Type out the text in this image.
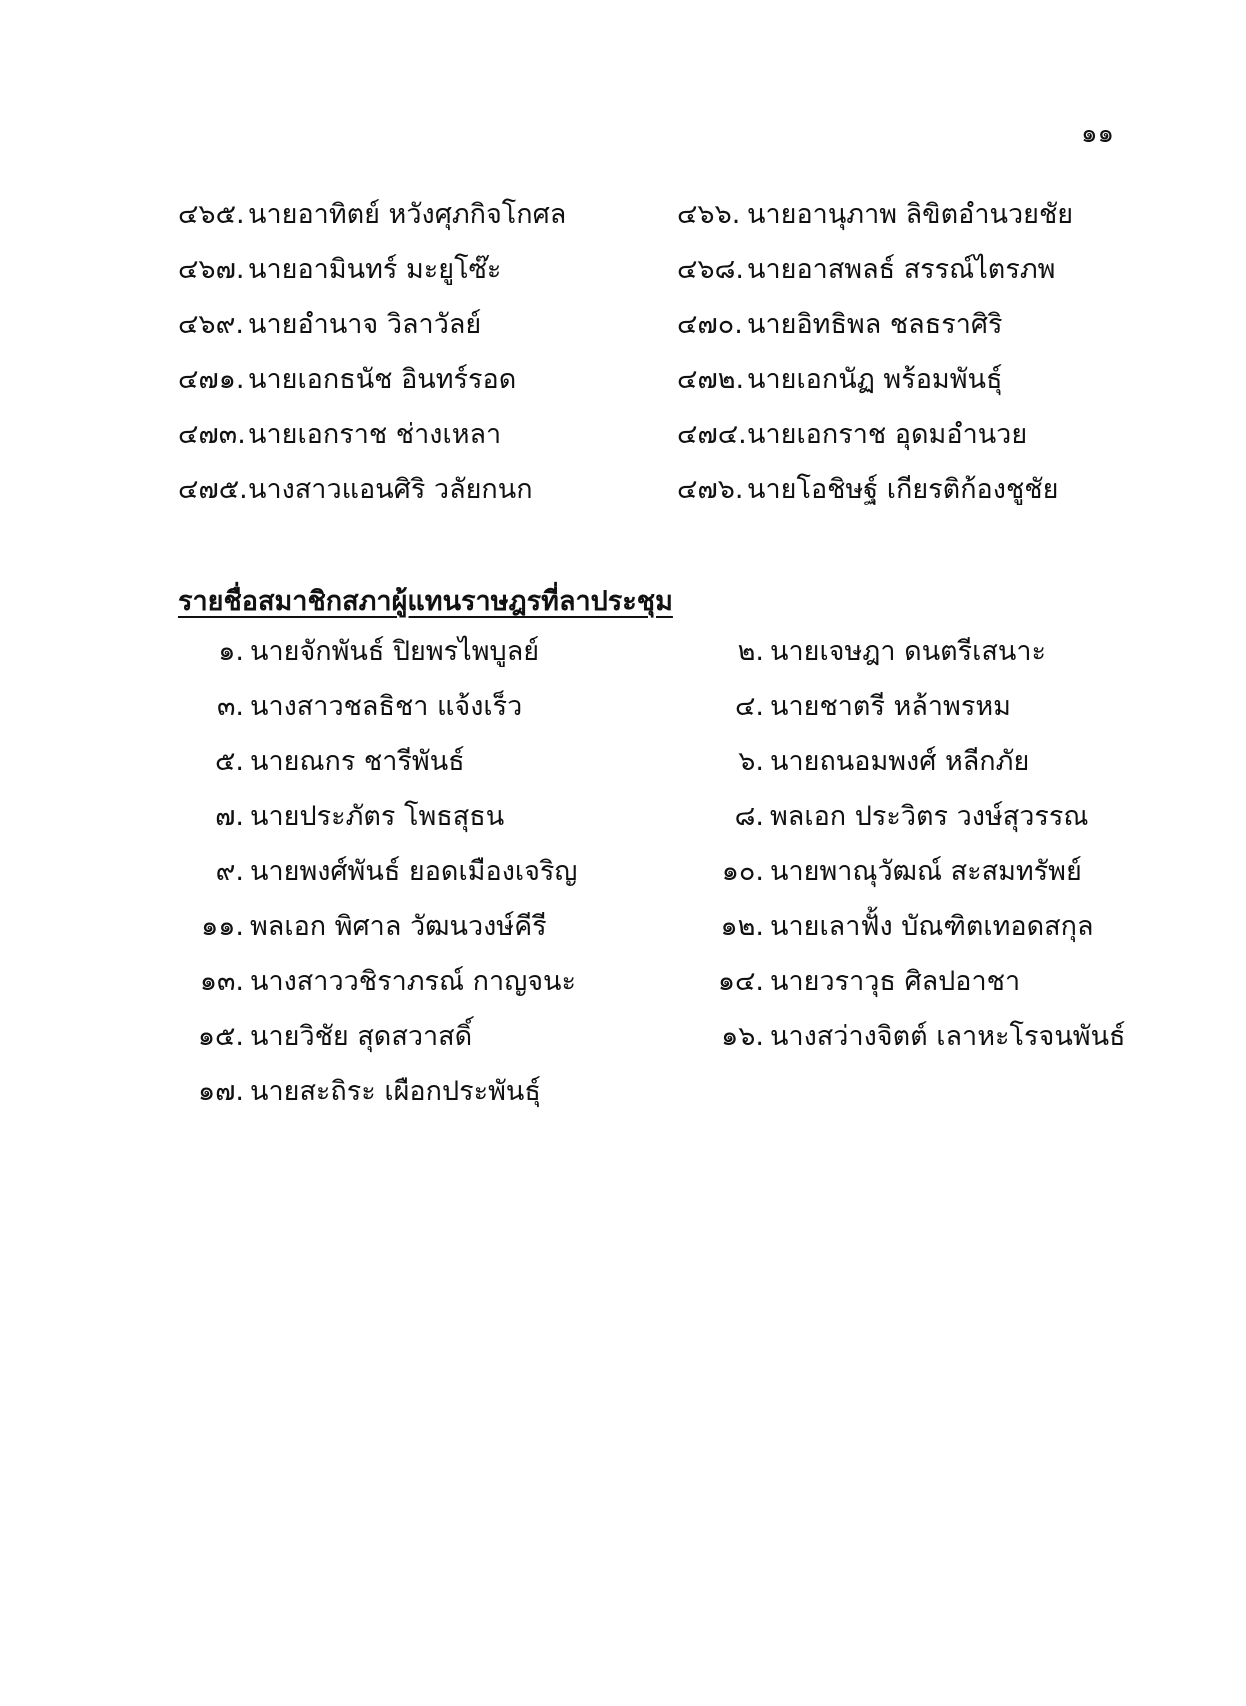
๑๑
๔๖๕. นายอาทิตย์ หวังศุภกิจโกศล	๔๖๖. นายอานุภาพ ลิขิตอำนวยชัย
๔๖๗. นายอามินทร์ มะยูโซ๊ะ	๔๖๘. นายอาสพลธ์ สรรณ์ไตรภพ
๔๖๙. นายอำนาจ วิลาวัลย์	๔๗๐. นายอิทธิพล ชลธราศิริ
๔๗๑. นายเอกธนัช อินทร์รอด	๔๗๒. นายเอกนัฏ พร้อมพันธุ์
๔๗๓.นายเอกราช ช่างเหลา	๔๗๔.นายเอกราช อุดมอำนวย
๔๗๕.นางสาวแอนศิริ วลัยกนก	๔๗๖. นายโอชิษฐ์ เกียรติก้องชูชัย
รายชื่อสมาชิกสภาผู้แทนราษฎรที่ลาประชุม
๑. นายจักพันธ์ ปิยพรไพบูลย์	๒. นายเจษฎา ดนตรีเสนาะ
๓. นางสาวชลธิชา แจ้งเร็ว	๔. นายชาตรี หล้าพรหม
๕. นายณกร ชารีพันธ์	๖. นายถนอมพงศ์ หลีกภัย
๗. นายประภัตร โพธสุธน	๘. พลเอก ประวิตร วงษ์สุวรรณ
๙. นายพงศ์พันธ์ ยอดเมืองเจริญ	๑๐. นายพาณุวัฒณ์ สะสมทรัพย์
๑๑. พลเอก พิศาล วัฒนวงษ์คีรี	๑๒. นายเลาฟั้ง บัณฑิตเทอดสกุล
๑๓. นางสาววชิราภรณ์ กาญจนะ	๑๔. นายวราวุธ ศิลปอาชา
๑๕. นายวิชัย สุดสวาสดิ์	๑๖. นางสว่างจิตต์ เลาหะโรจนพันธ์
๑๗. นายสะถิระ เผือกประพันธุ์
